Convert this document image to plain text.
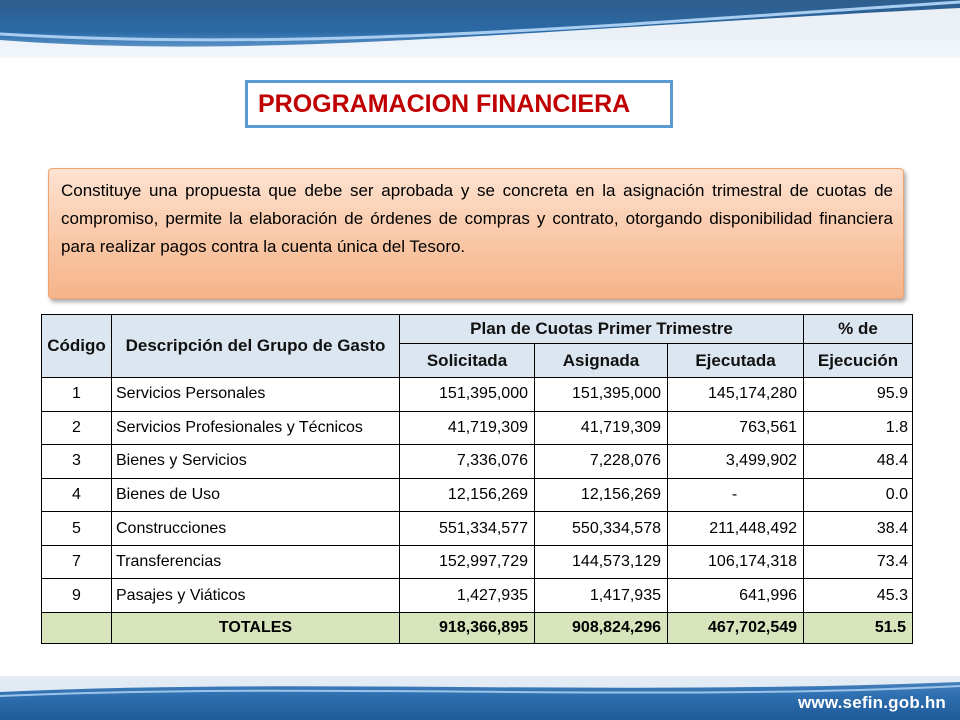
PROGRAMACION FINANCIERA

Constituye una propuesta que debe ser aprobada y se concreta en la asignación trimestral de cuotas de compromiso, permite la elaboración de órdenes de compras y contrato, otorgando disponibilidad financiera para realizar pagos contra la cuenta única del Tesoro.

Código	Descripción del Grupo de Gasto	Plan de Cuotas Primer Trimestre			% de
		Solicitada	Asignada	Ejecutada	Ejecución
1	Servicios Personales	151,395,000	151,395,000	145,174,280	95.9
2	Servicios Profesionales y Técnicos	41,719,309	41,719,309	763,561	1.8
3	Bienes y Servicios	7,336,076	7,228,076	3,499,902	48.4
4	Bienes de Uso	12,156,269	12,156,269	-	0.0
5	Construcciones	551,334,577	550,334,578	211,448,492	38.4
7	Transferencias	152,997,729	144,573,129	106,174,318	73.4
9	Pasajes y Viáticos	1,427,935	1,417,935	641,996	45.3
	TOTALES	918,366,895	908,824,296	467,702,549	51.5
www.sefin.gob.hn
